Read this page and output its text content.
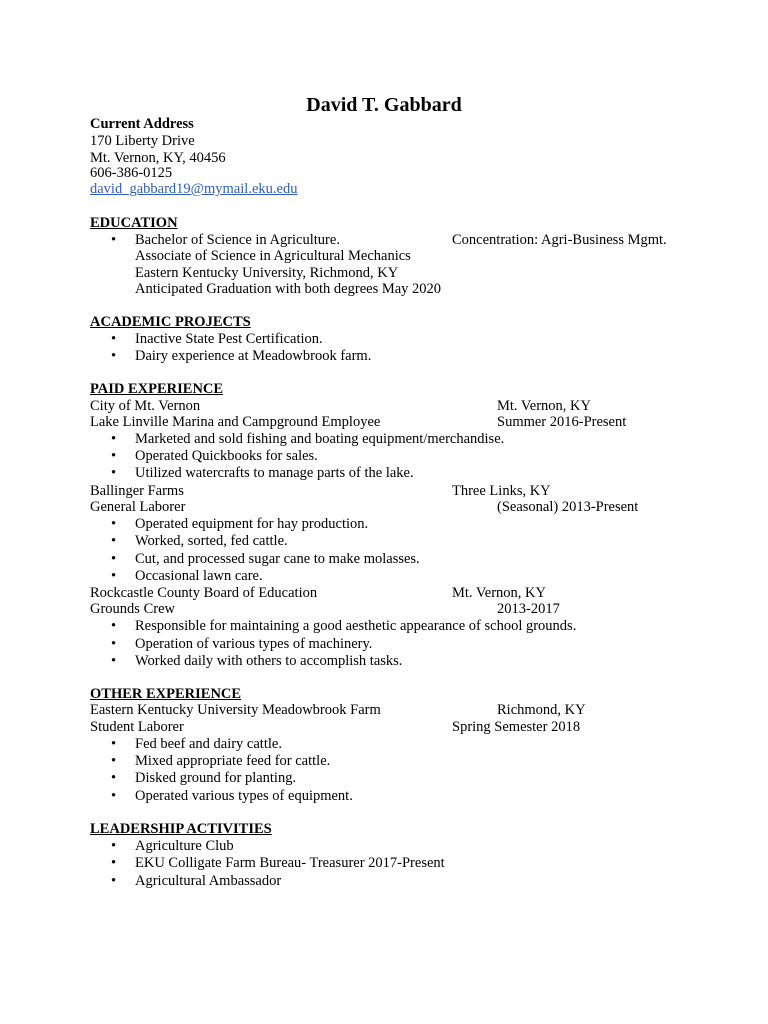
David T. Gabbard
Current Address
170 Liberty Drive
Mt. Vernon, KY, 40456
606-386-0125
david_gabbard19@mymail.eku.edu
EDUCATION
Bachelor of Science in Agriculture.	Concentration: Agri-Business Mgmt.
Associate of Science in Agricultural Mechanics
Eastern Kentucky University, Richmond, KY
Anticipated Graduation with both degrees May 2020
ACADEMIC PROJECTS
Inactive State Pest Certification.
Dairy experience at Meadowbrook farm.
PAID EXPERIENCE
City of Mt. Vernon	Mt. Vernon, KY
Lake Linville Marina and Campground Employee	Summer 2016-Present
Marketed and sold fishing and boating equipment/merchandise.
Operated Quickbooks for sales.
Utilized watercrafts to manage parts of the lake.
Ballinger Farms	Three Links, KY
General Laborer	(Seasonal) 2013-Present
Operated equipment for hay production.
Worked, sorted, fed cattle.
Cut, and processed sugar cane to make molasses.
Occasional lawn care.
Rockcastle County Board of Education	Mt. Vernon, KY
Grounds Crew	2013-2017
Responsible for maintaining a good aesthetic appearance of school grounds.
Operation of various types of machinery.
Worked daily with others to accomplish tasks.
OTHER EXPERIENCE
Eastern Kentucky University Meadowbrook Farm	Richmond, KY
Student Laborer	Spring Semester 2018
Fed beef and dairy cattle.
Mixed appropriate feed for cattle.
Disked ground for planting.
Operated various types of equipment.
LEADERSHIP ACTIVITIES
Agriculture Club
EKU Colligate Farm Bureau- Treasurer 2017-Present
Agricultural Ambassador
